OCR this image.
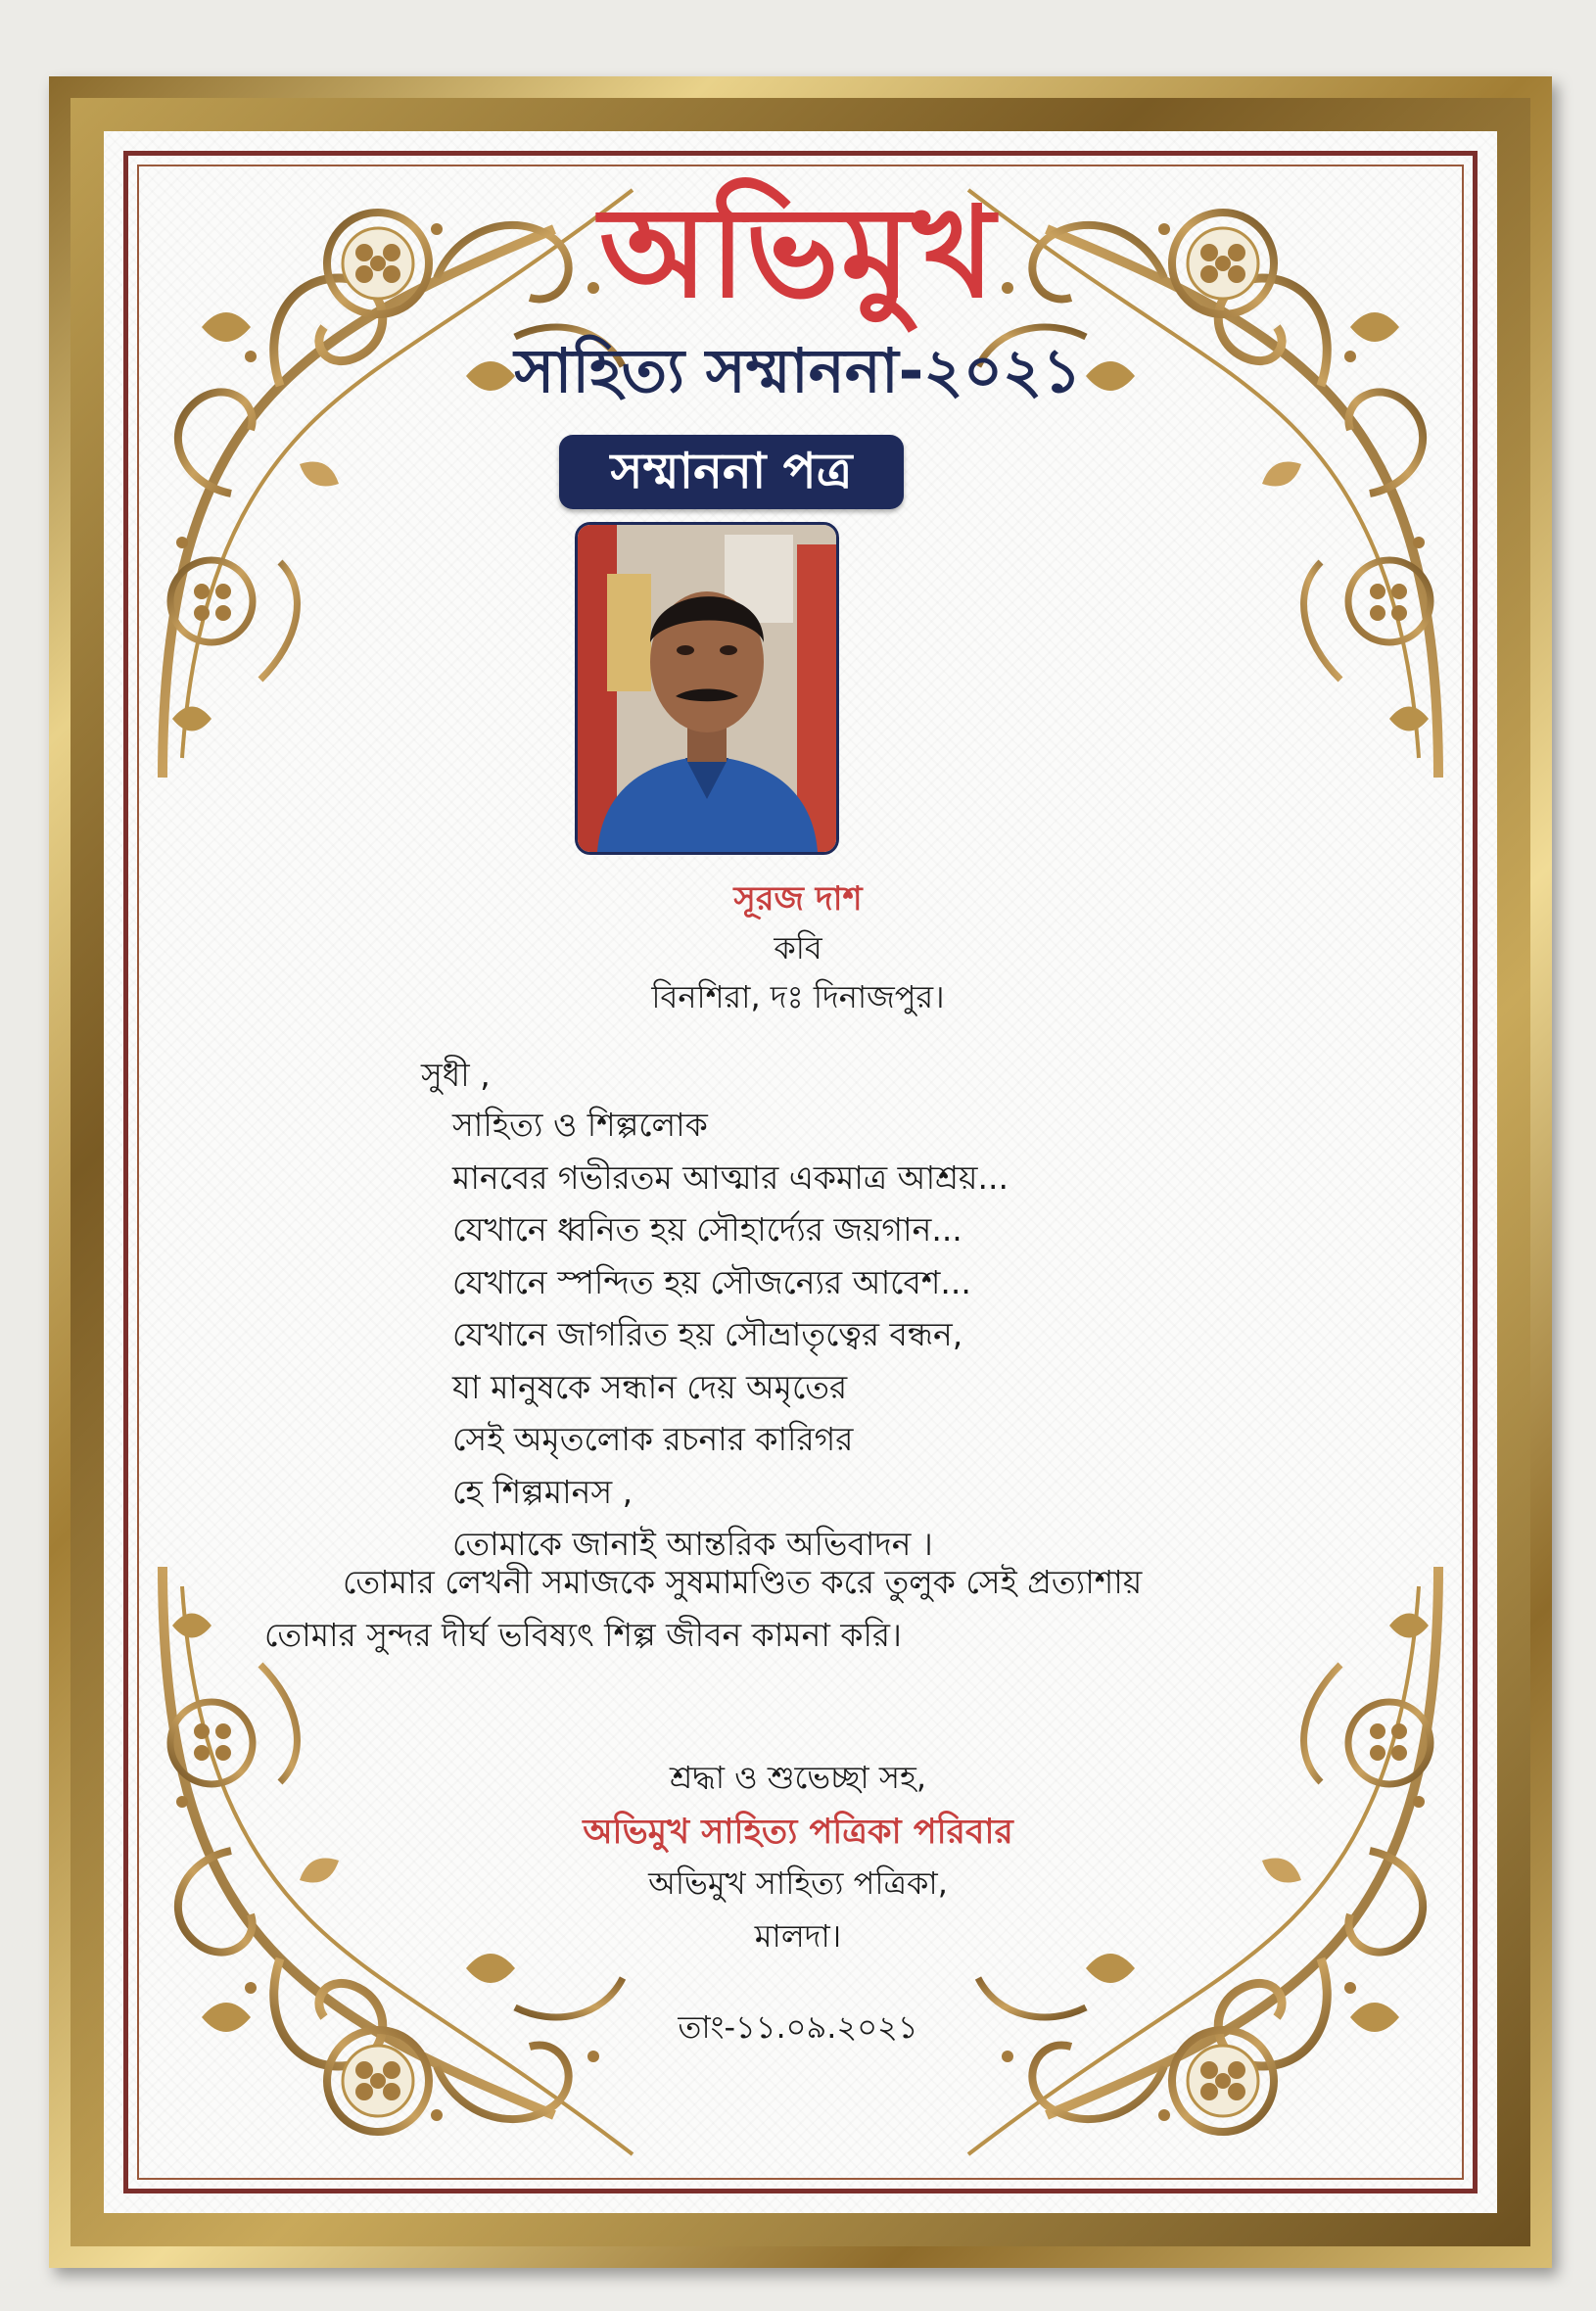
অভিমুখ
সাহিত্য সম্মাননা-২০২১
সম্মাননা পত্র
সূরজ দাশ
কবি
বিনশিরা, দঃ দিনাজপুর।
সুধী ,
সাহিত্য ও শিল্পলোক
মানবের গভীরতম আত্মার একমাত্র আশ্রয়...
যেখানে ধ্বনিত হয় সৌহার্দ্যের জয়গান...
যেখানে স্পন্দিত হয় সৌজন্যের আবেশ...
যেখানে জাগরিত হয় সৌভ্রাতৃত্বের বন্ধন,
যা মানুষকে সন্ধান দেয় অমৃতের
সেই অমৃতলোক রচনার কারিগর
হে শিল্পমানস ,
তোমাকে জানাই আন্তরিক অভিবাদন ।
তোমার লেখনী সমাজকে সুষমামণ্ডিত করে তুলুক সেই প্রত্যাশায়
তোমার সুন্দর দীর্ঘ ভবিষ্যৎ শিল্প জীবন কামনা করি।
শ্রদ্ধা ও শুভেচ্ছা সহ,
অভিমুখ সাহিত্য পত্রিকা পরিবার
অভিমুখ সাহিত্য পত্রিকা,
মালদা।
তাং-১১.০৯.২০২১
